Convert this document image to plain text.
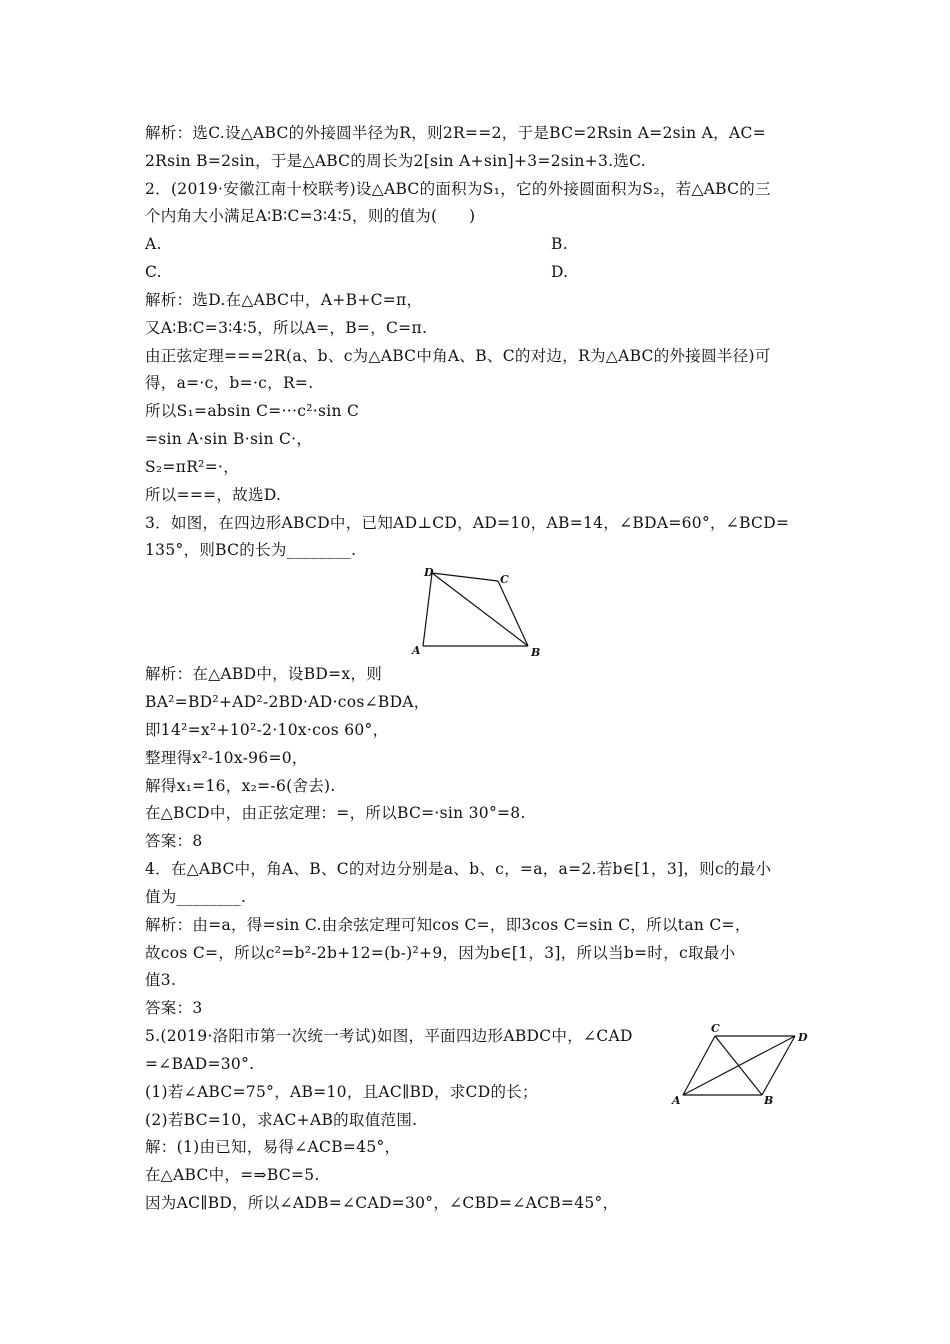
解析：选C.设△ABC的外接圆半径为R，则2R==2，于是BC=2Rsin A=2sin A，AC=
2Rsin B=2sin，于是△ABC的周长为2[sin A+sin]+3=2sin+3.选C.
2．(2019·安徽江南十校联考)设△ABC的面积为S₁，它的外接圆面积为S₂，若△ABC的三
个内角大小满足A∶B∶C=3∶4∶5，则的值为(　　)
A.	B.
C.	D.
解析：选D.在△ABC中，A+B+C=π，
又A∶B∶C=3∶4∶5，所以A=，B=，C=π.
由正弦定理===2R(a、b、c为△ABC中角A、B、C的对边，R为△ABC的外接圆半径)可
得，a=·c，b=·c，R=.
所以S₁=absin C=···c²·sin C
=sin A·sin B·sin C·，
S₂=πR²=·，
所以===，故选D.
3．如图，在四边形ABCD中，已知AD⊥CD，AD=10，AB=14，∠BDA=60°，∠BCD=
135°，则BC的长为________.
D
C
A	B
解析：在△ABD中，设BD=x，则
BA²=BD²+AD²-2BD·AD·cos∠BDA，
即14²=x²+10²-2·10x·cos 60°，
整理得x²-10x-96=0，
解得x₁=16，x₂=-6(舍去).
在△BCD中，由正弦定理：=，所以BC=·sin 30°=8.
答案：8
4．在△ABC中，角A、B、C的对边分别是a、b、c，=a，a=2.若b∈[1，3]，则c的最小
值为________.
解析：由=a，得=sin C.由余弦定理可知cos C=，即3cos C=sin C，所以tan C=，
故cos C=，所以c²=b²-2b+12=(b-)²+9，因为b∈[1，3]，所以当b=时，c取最小
值3.
答案：3
5.(2019·洛阳市第一次统一考试)如图，平面四边形ABDC中，∠CAD
=∠BAD=30°.
(1)若∠ABC=75°，AB=10，且AC∥BD，求CD的长；
(2)若BC=10，求AC+AB的取值范围.
解：(1)由已知，易得∠ACB=45°，
在△ABC中，=⇒BC=5.
因为AC∥BD，所以∠ADB=∠CAD=30°，∠CBD=∠ACB=45°，
C
D
A	B
